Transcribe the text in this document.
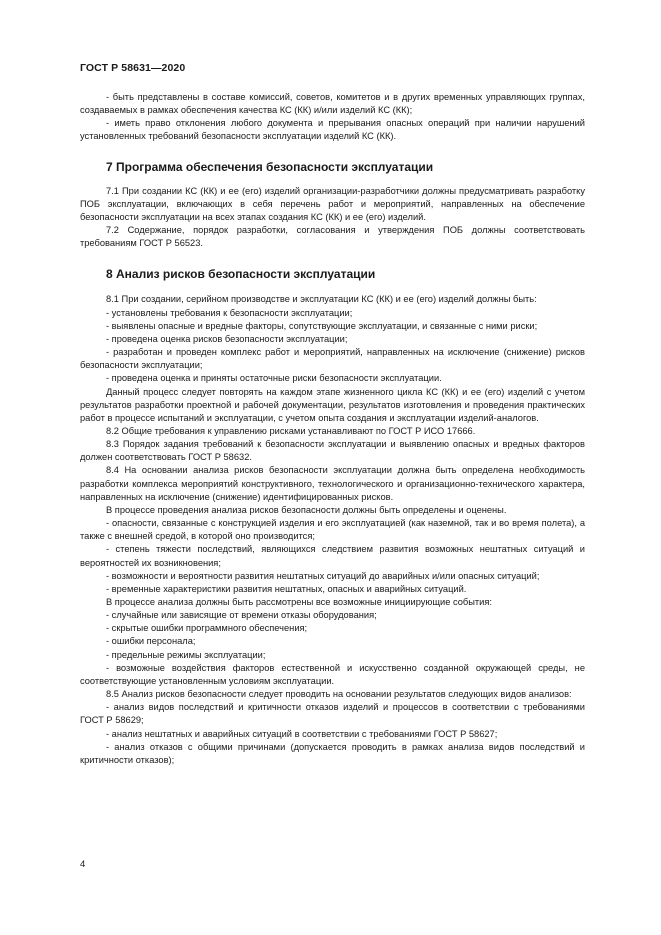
ГОСТ Р 58631—2020

- быть представлены в составе комиссий, советов, комитетов и в других временных управляющих группах, создаваемых в рамках обеспечения качества КС (КК) и/или изделий КС (КК);

- иметь право отклонения любого документа и прерывания опасных операций при наличии нарушений установленных требований безопасности эксплуатации изделий КС (КК).

7 Программа обеспечения безопасности эксплуатации

7.1 При создании КС (КК) и ее (его) изделий организации-разработчики должны предусматривать разработку ПОБ эксплуатации, включающих в себя перечень работ и мероприятий, направленных на обеспечение безопасности эксплуатации на всех этапах создания КС (КК) и ее (его) изделий.

7.2 Содержание, порядок разработки, согласования и утверждения ПОБ должны соответствовать требованиям ГОСТ Р 56523.

8 Анализ рисков безопасности эксплуатации

8.1 При создании, серийном производстве и эксплуатации КС (КК) и ее (его) изделий должны быть:

- установлены требования к безопасности эксплуатации;

- выявлены опасные и вредные факторы, сопутствующие эксплуатации, и связанные с ними риски;

- проведена оценка рисков безопасности эксплуатации;

- разработан и проведен комплекс работ и мероприятий, направленных на исключение (снижение) рисков безопасности эксплуатации;

- проведена оценка и приняты остаточные риски безопасности эксплуатации.

Данный процесс следует повторять на каждом этапе жизненного цикла КС (КК) и ее (его) изделий с учетом результатов разработки проектной и рабочей документации, результатов изготовления и проведения практических работ в процессе испытаний и эксплуатации, с учетом опыта создания и эксплуатации изделий-аналогов.

8.2 Общие требования к управлению рисками устанавливают по ГОСТ Р ИСО 17666.

8.3 Порядок задания требований к безопасности эксплуатации и выявлению опасных и вредных факторов должен соответствовать ГОСТ Р 58632.

8.4 На основании анализа рисков безопасности эксплуатации должна быть определена необходимость разработки комплекса мероприятий конструктивного, технологического и организационно-технического характера, направленных на исключение (снижение) идентифицированных рисков.

В процессе проведения анализа рисков безопасности должны быть определены и оценены.

- опасности, связанные с конструкцией изделия и его эксплуатацией (как наземной, так и во время полета), а также с внешней средой, в которой оно производится;

- степень тяжести последствий, являющихся следствием развития возможных нештатных ситуаций и вероятностей их возникновения;

- возможности и вероятности развития нештатных ситуаций до аварийных и/или опасных ситуаций;

- временные характеристики развития нештатных, опасных и аварийных ситуаций.

В процессе анализа должны быть рассмотрены все возможные инициирующие события:

- случайные или зависящие от времени отказы оборудования;

- скрытые ошибки программного обеспечения;

- ошибки персонала;

- предельные режимы эксплуатации;

- возможные воздействия факторов естественной и искусственно созданной окружающей среды, не соответствующие установленным условиям эксплуатации.

8.5 Анализ рисков безопасности следует проводить на основании результатов следующих видов анализов:

- анализ видов последствий и критичности отказов изделий и процессов в соответствии с требованиями ГОСТ Р 58629;

- анализ нештатных и аварийных ситуаций в соответствии с требованиями ГОСТ Р 58627;

- анализ отказов с общими причинами (допускается проводить в рамках анализа видов последствий и критичности отказов);

4
